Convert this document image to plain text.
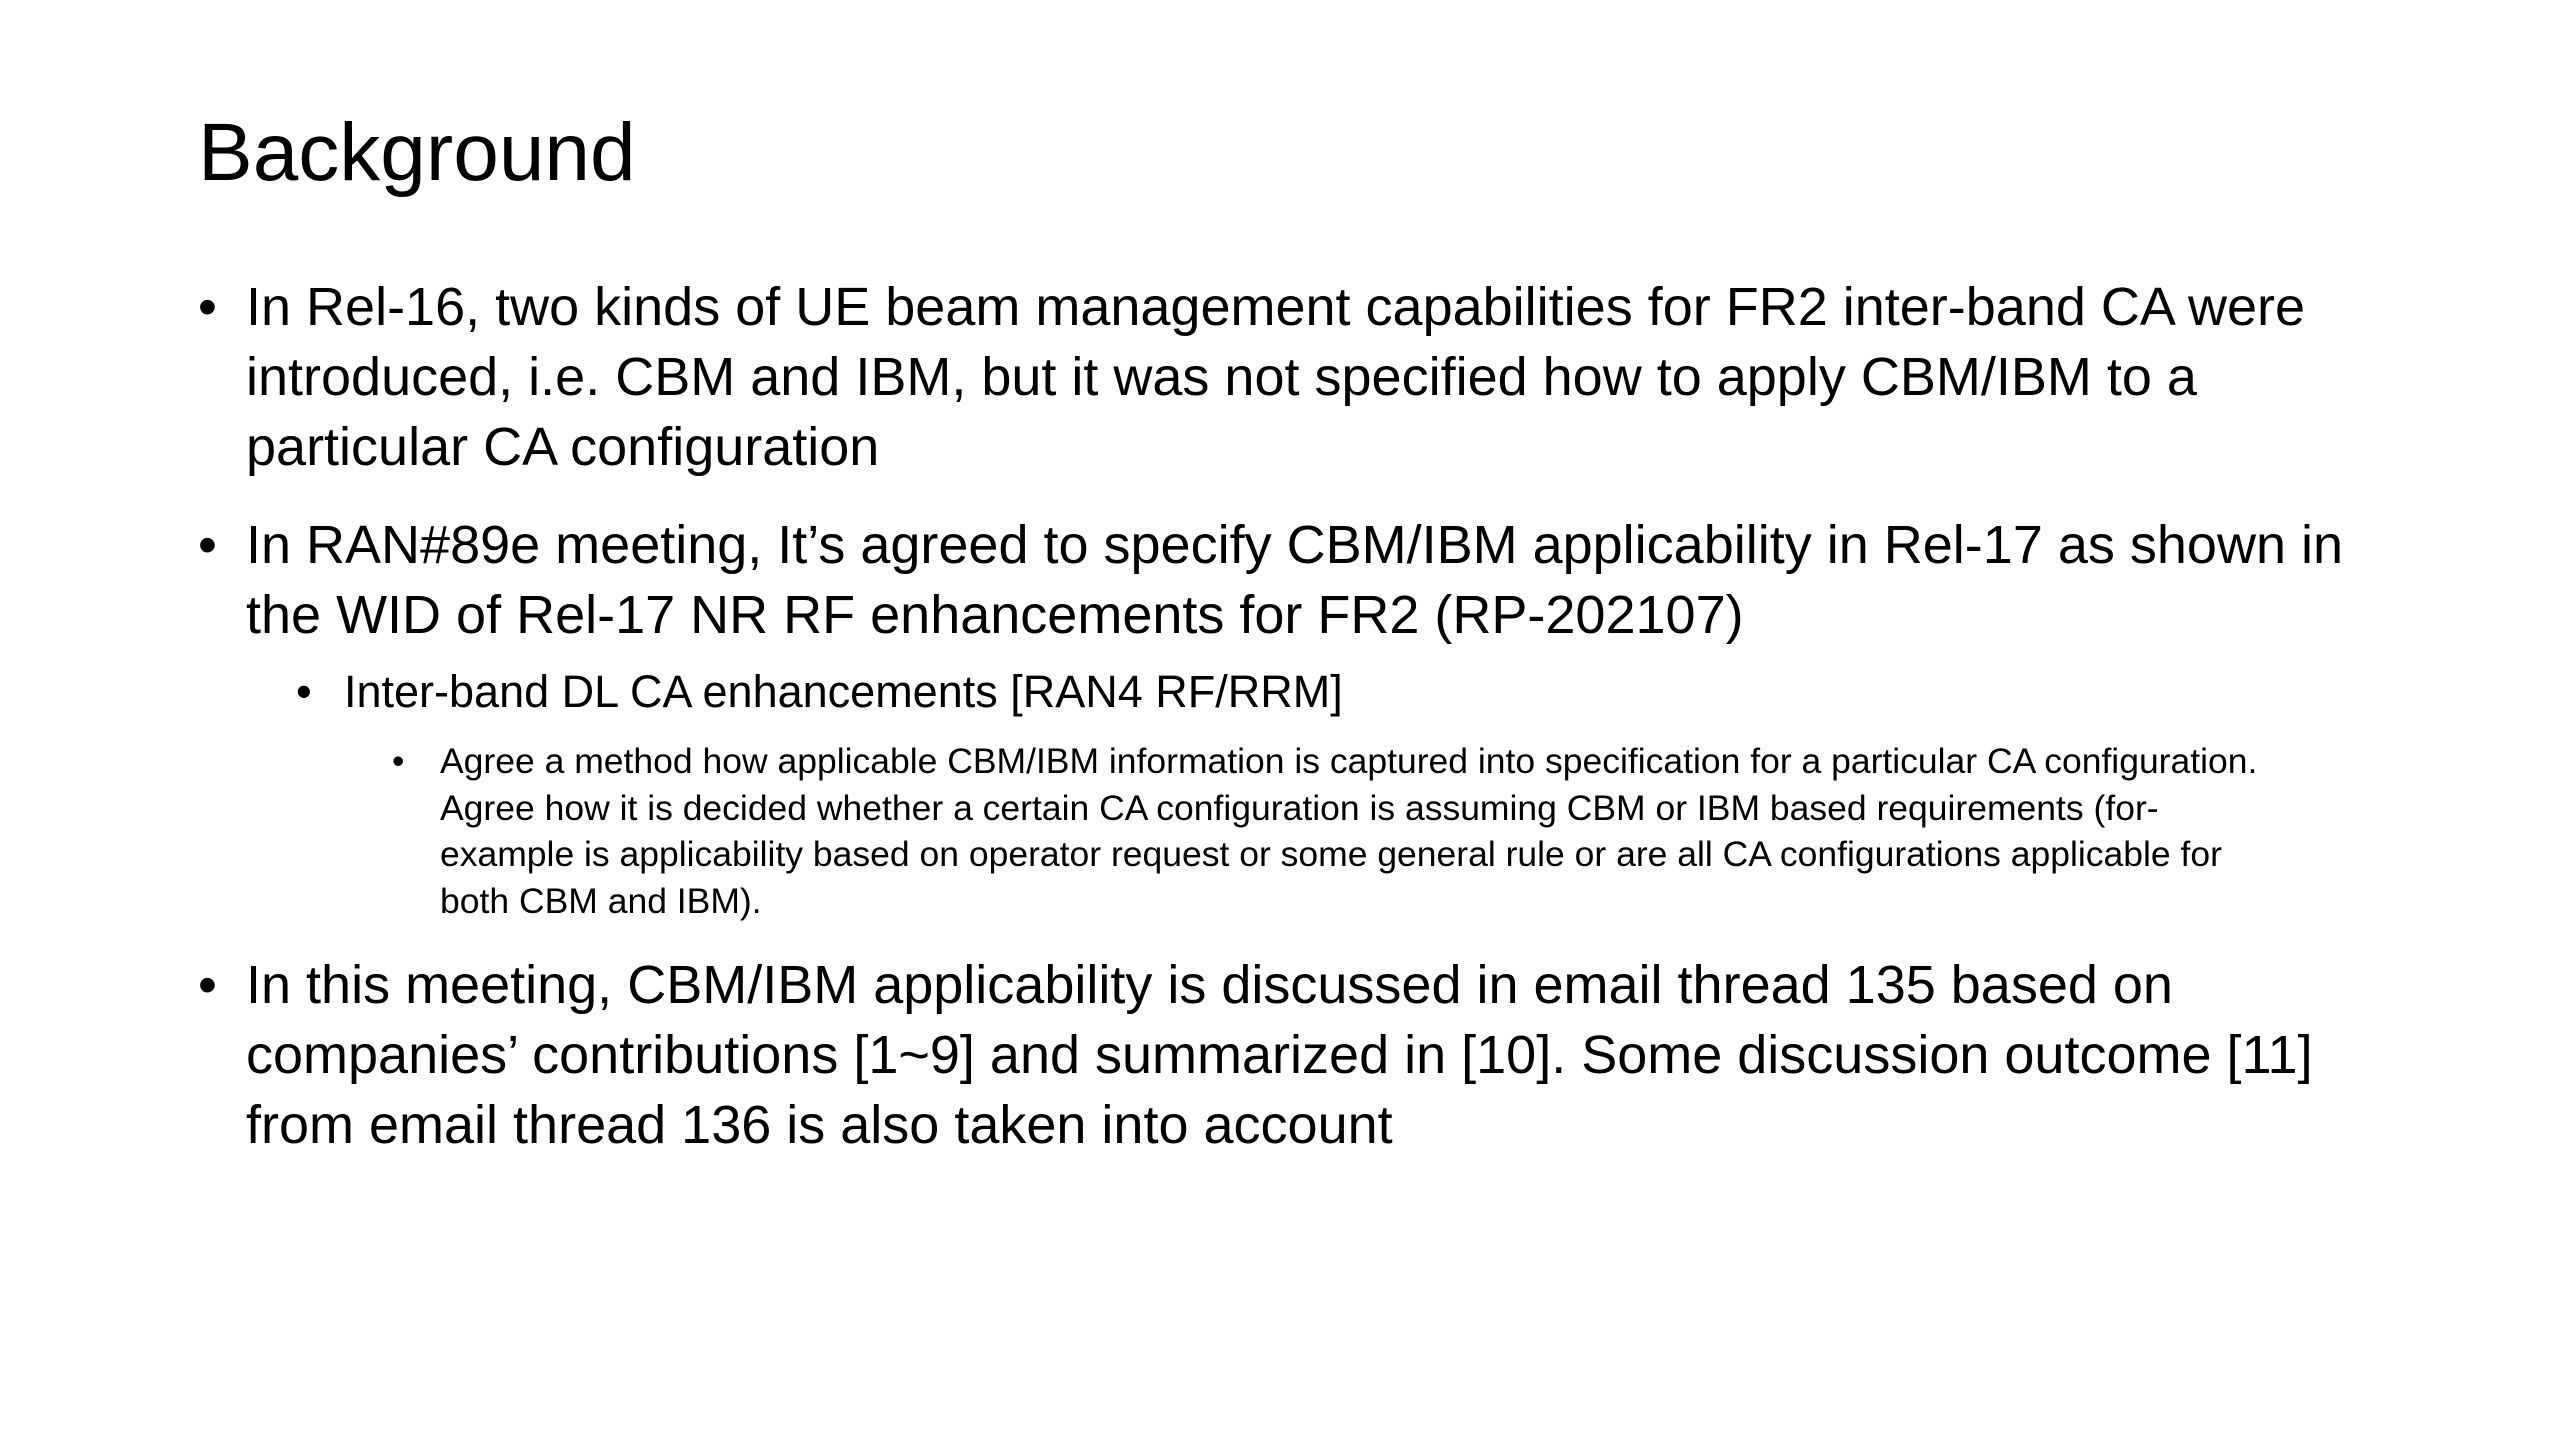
Background
• In Rel-16, two kinds of UE beam management capabilities for FR2 inter-band CA were introduced, i.e. CBM and IBM, but it was not specified how to apply CBM/IBM to a particular CA configuration
• In RAN#89e meeting, It’s agreed to specify CBM/IBM applicability in Rel-17 as shown in the WID of Rel-17 NR RF enhancements for FR2 (RP-202107)
• Inter-band DL CA enhancements [RAN4 RF/RRM]
• Agree a method how applicable CBM/IBM information is captured into specification for a particular CA configuration. Agree how it is decided whether a certain CA configuration is assuming CBM or IBM based requirements (for-example is applicability based on operator request or some general rule or are all CA configurations applicable for both CBM and IBM).
• In this meeting, CBM/IBM applicability is discussed in email thread 135 based on companies’ contributions [1~9] and summarized in [10]. Some discussion outcome [11] from email thread 136 is also taken into account
